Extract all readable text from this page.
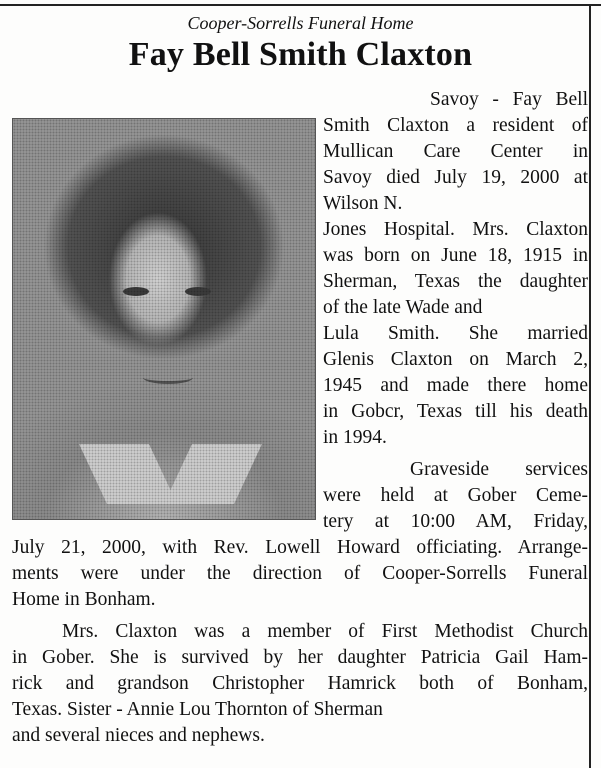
Cooper-Sorrells Funeral Home
Fay Bell Smith Claxton
Savoy - Fay Bell
Smith Claxton a resident of
Mullican Care Center in
Savoy died July 19, 2000 at
Wilson N.
Jones Hospital. Mrs. Claxton
was born on June 18, 1915 in
Sherman, Texas the daughter
of the late Wade and
Lula Smith. She married
Glenis Claxton on March 2,
1945 and made there home
in Gobcr, Texas till his death
in 1994.
Graveside services
were held at Gober Ceme-
tery at 10:00 AM, Friday,
July 21, 2000, with Rev. Lowell Howard officiating. Arrange-
ments were under the direction of Cooper-Sorrells Funeral
Home in Bonham.
Mrs. Claxton was a member of First Methodist Church
in Gober. She is survived by her daughter Patricia Gail Ham-
rick and grandson Christopher Hamrick both of Bonham,
Texas. Sister - Annie Lou Thornton of Sherman
and several nieces and nephews.
